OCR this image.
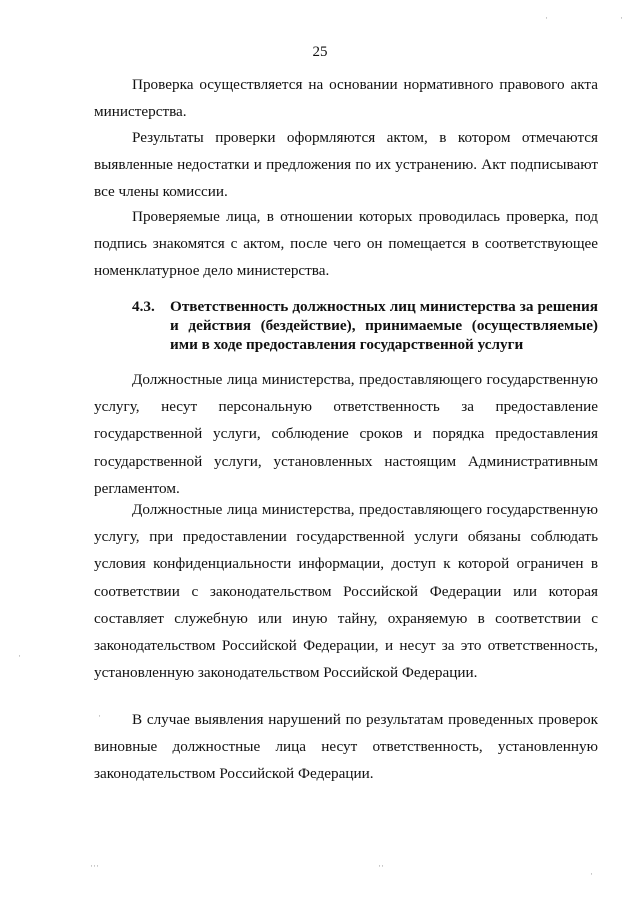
25

Проверка осуществляется на основании нормативного правового акта министерства.

Результаты проверки оформляются актом, в котором отмечаются выявленные недостатки и предложения по их устранению. Акт подписывают все члены комиссии.

Проверяемые лица, в отношении которых проводилась проверка, под подпись знакомятся с актом, после чего он помещается в соответствующее номенклатурное дело министерства.

4.3. Ответственность должностных лиц министерства за решения и действия (бездействие), принимаемые (осуществляемые) ими в ходе предоставления государственной услуги

Должностные лица министерства, предоставляющего государственную услугу, несут персональную ответственность за предоставление государственной услуги, соблюдение сроков и порядка предоставления государственной услуги, установленных настоящим Административным регламентом.

Должностные лица министерства, предоставляющего государственную услугу, при предоставлении государственной услуги обязаны соблюдать условия конфиденциальности информации, доступ к которой ограничен в соответствии с законодательством Российской Федерации или которая составляет служебную или иную тайну, охраняемую в соответствии с законодательством Российской Федерации, и несут за это ответственность, установленную законодательством Российской Федерации.

В случае выявления нарушений по результатам проведенных проверок виновные должностные лица несут ответственность, установленную законодательством Российской Федерации.

·	·
·
·
···	··
·
